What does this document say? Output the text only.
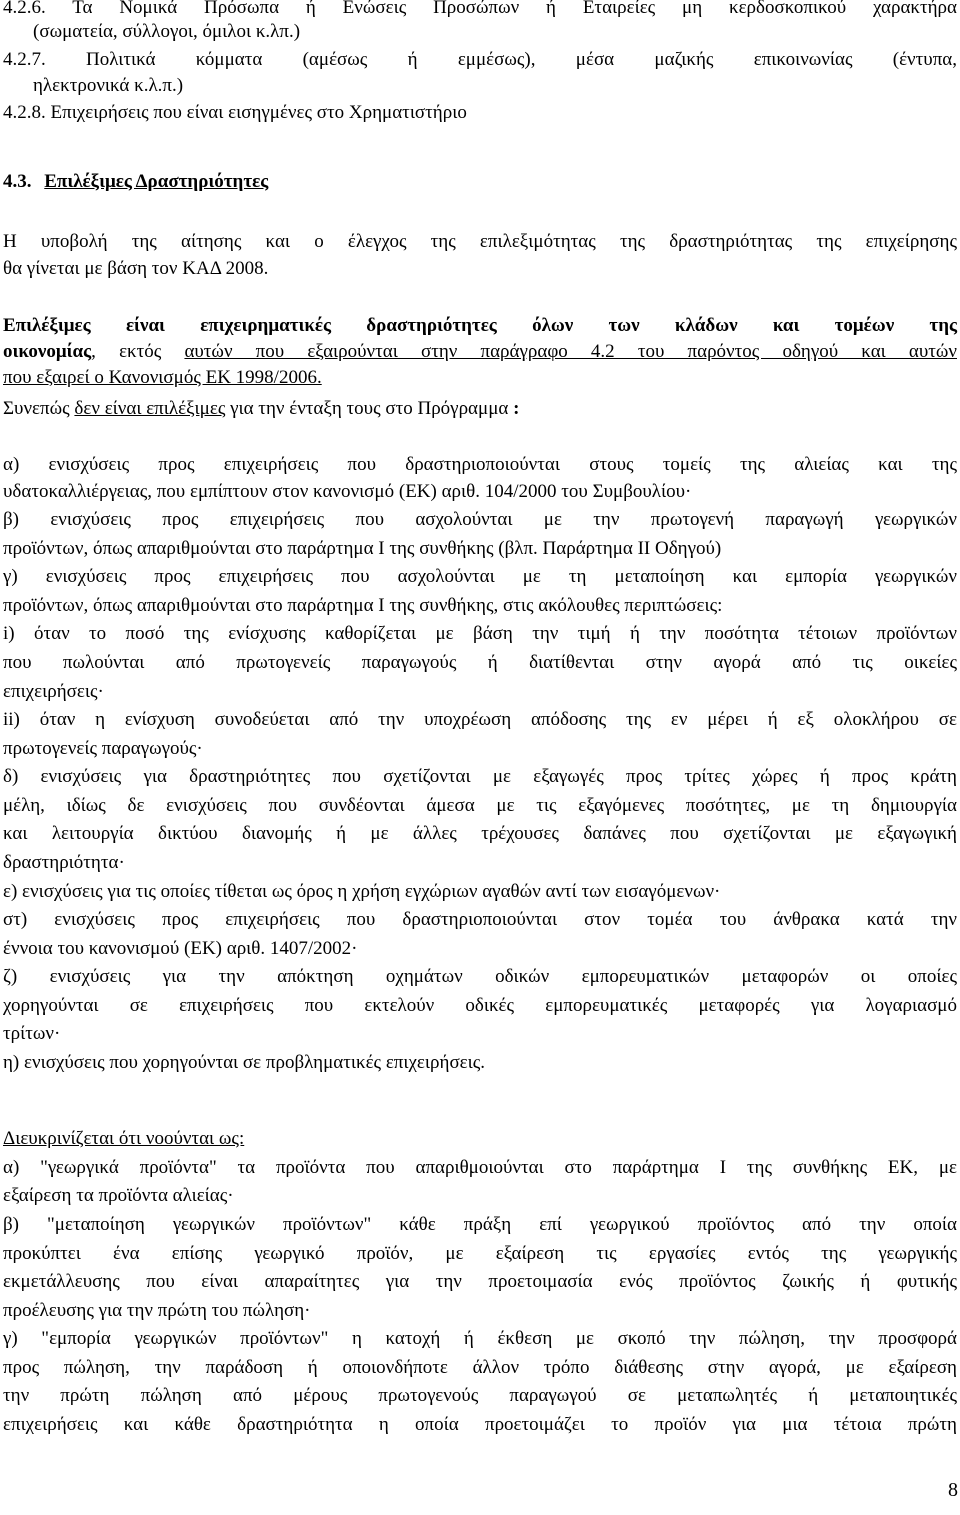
4.2.6. Τα Νομικά Πρόσωπα ή Ενώσεις Προσώπων ή Εταιρείες μη κερδοσκοπικού χαρακτήρα
(σωματεία, σύλλογοι, όμιλοι κ.λπ.)
4.2.7. Πολιτικά κόμματα (αμέσως ή εμμέσως), μέσα μαζικής επικοινωνίας (έντυπα,
ηλεκτρονικά κ.λ.π.)
4.2.8. Επιχειρήσεις που είναι εισηγμένες στο Χρηματιστήριο
4.3. Επιλέξιμες Δραστηριότητες
Η υποβολή της αίτησης και ο έλεγχος της επιλεξιμότητας της δραστηριότητας της επιχείρησης
θα γίνεται με βάση τον ΚΑΔ 2008.
Επιλέξιμες είναι επιχειρηματικές δραστηριότητες όλων των κλάδων και τομέων της
οικονομίας, εκτός αυτών που εξαιρούνται στην παράγραφο 4.2 του παρόντος οδηγού και αυτών
που εξαιρεί ο Κανονισμός ΕΚ 1998/2006.
Συνεπώς δεν είναι επιλέξιμες για την ένταξη τους στο Πρόγραμμα :
α) ενισχύσεις προς επιχειρήσεις που δραστηριοποιούνται στους τομείς της αλιείας και της
υδατοκαλλιέργειας, που εμπίπτουν στον κανονισμό (ΕΚ) αριθ. 104/2000 του Συμβουλίου·
β) ενισχύσεις προς επιχειρήσεις που ασχολούνται με την πρωτογενή παραγωγή γεωργικών
προϊόντων, όπως απαριθμούνται στο παράρτημα Ι της συνθήκης (βλπ. Παράρτημα ΙΙ Οδηγού)
γ) ενισχύσεις προς επιχειρήσεις που ασχολούνται με τη μεταποίηση και εμπορία γεωργικών
προϊόντων, όπως απαριθμούνται στο παράρτημα Ι της συνθήκης, στις ακόλουθες περιπτώσεις:
i) όταν το ποσό της ενίσχυσης καθορίζεται με βάση την τιμή ή την ποσότητα τέτοιων προϊόντων
που πωλούνται από πρωτογενείς παραγωγούς ή διατίθενται στην αγορά από τις οικείες
επιχειρήσεις·
ii) όταν η ενίσχυση συνοδεύεται από την υποχρέωση απόδοσης της εν μέρει ή εξ ολοκλήρου σε
πρωτογενείς παραγωγούς·
δ) ενισχύσεις για δραστηριότητες που σχετίζονται με εξαγωγές προς τρίτες χώρες ή προς κράτη
μέλη, ιδίως δε ενισχύσεις που συνδέονται άμεσα με τις εξαγόμενες ποσότητες, με τη δημιουργία
και λειτουργία δικτύου διανομής ή με άλλες τρέχουσες δαπάνες που σχετίζονται με εξαγωγική
δραστηριότητα·
ε) ενισχύσεις για τις οποίες τίθεται ως όρος η χρήση εγχώριων αγαθών αντί των εισαγόμενων·
στ) ενισχύσεις προς επιχειρήσεις που δραστηριοποιούνται στον τομέα του άνθρακα κατά την
έννοια του κανονισμού (ΕΚ) αριθ. 1407/2002·
ζ) ενισχύσεις για την απόκτηση οχημάτων οδικών εμπορευματικών μεταφορών οι οποίες
χορηγούνται σε επιχειρήσεις που εκτελούν οδικές εμπορευματικές μεταφορές για λογαριασμό
τρίτων·
η) ενισχύσεις που χορηγούνται σε προβληματικές επιχειρήσεις.
Διευκρινίζεται ότι νοούνται ως:
α) "γεωργικά προϊόντα" τα προϊόντα που απαριθμοιούνται στο παράρτημα Ι της συνθήκης ΕΚ, με
εξαίρεση τα προϊόντα αλιείας·
β) "μεταποίηση γεωργικών προϊόντων" κάθε πράξη επί γεωργικού προϊόντος από την οποία
προκύπτει ένα επίσης γεωργικό προϊόν, με εξαίρεση τις εργασίες εντός της γεωργικής
εκμετάλλευσης που είναι απαραίτητες για την προετοιμασία ενός προϊόντος ζωικής ή φυτικής
προέλευσης για την πρώτη του πώληση·
γ) "εμπορία γεωργικών προϊόντων" η κατοχή ή έκθεση με σκοπό την πώληση, την προσφορά
προς πώληση, την παράδοση ή οποιονδήποτε άλλον τρόπο διάθεσης στην αγορά, με εξαίρεση
την πρώτη πώληση από μέρους πρωτογενούς παραγωγού σε μεταπωλητές ή μεταποιητικές
επιχειρήσεις και κάθε δραστηριότητα η οποία προετοιμάζει το προϊόν για μια τέτοια πρώτη
8
